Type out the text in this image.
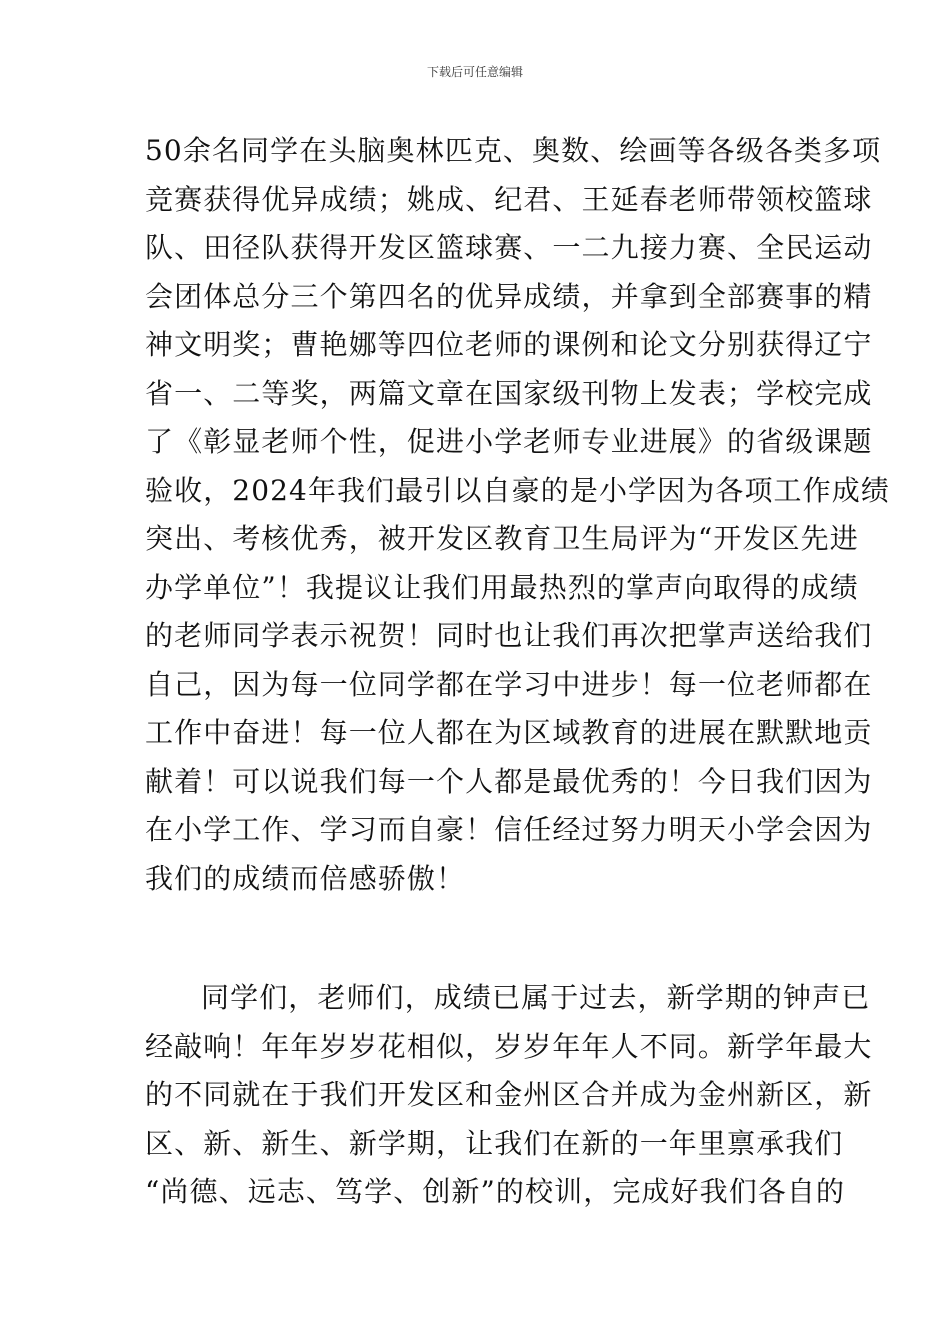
下载后可任意编辑
50余名同学在头脑奥林匹克、奥数、绘画等各级各类多项
竞赛获得优异成绩；姚成、纪君、王延春老师带领校篮球
队、田径队获得开发区篮球赛、一二九接力赛、全民运动
会团体总分三个第四名的优异成绩，并拿到全部赛事的精
神文明奖；曹艳娜等四位老师的课例和论文分别获得辽宁
省一、二等奖，两篇文章在国家级刊物上发表；学校完成
了《彰显老师个性，促进小学老师专业进展》的省级课题
验收，2024年我们最引以自豪的是小学因为各项工作成绩
突出、考核优秀，被开发区教育卫生局评为“开发区先进
办学单位”！我提议让我们用最热烈的掌声向取得的成绩
的老师同学表示祝贺！同时也让我们再次把掌声送给我们
自己，因为每一位同学都在学习中进步！每一位老师都在
工作中奋进！每一位人都在为区域教育的进展在默默地贡
献着！可以说我们每一个人都是最优秀的！今日我们因为
在小学工作、学习而自豪！信任经过努力明天小学会因为
我们的成绩而倍感骄傲！
同学们，老师们，成绩已属于过去，新学期的钟声已
经敲响！年年岁岁花相似，岁岁年年人不同。新学年最大
的不同就在于我们开发区和金州区合并成为金州新区，新
区、新、新生、新学期，让我们在新的一年里禀承我们
“尚德、远志、笃学、创新”的校训，完成好我们各自的
